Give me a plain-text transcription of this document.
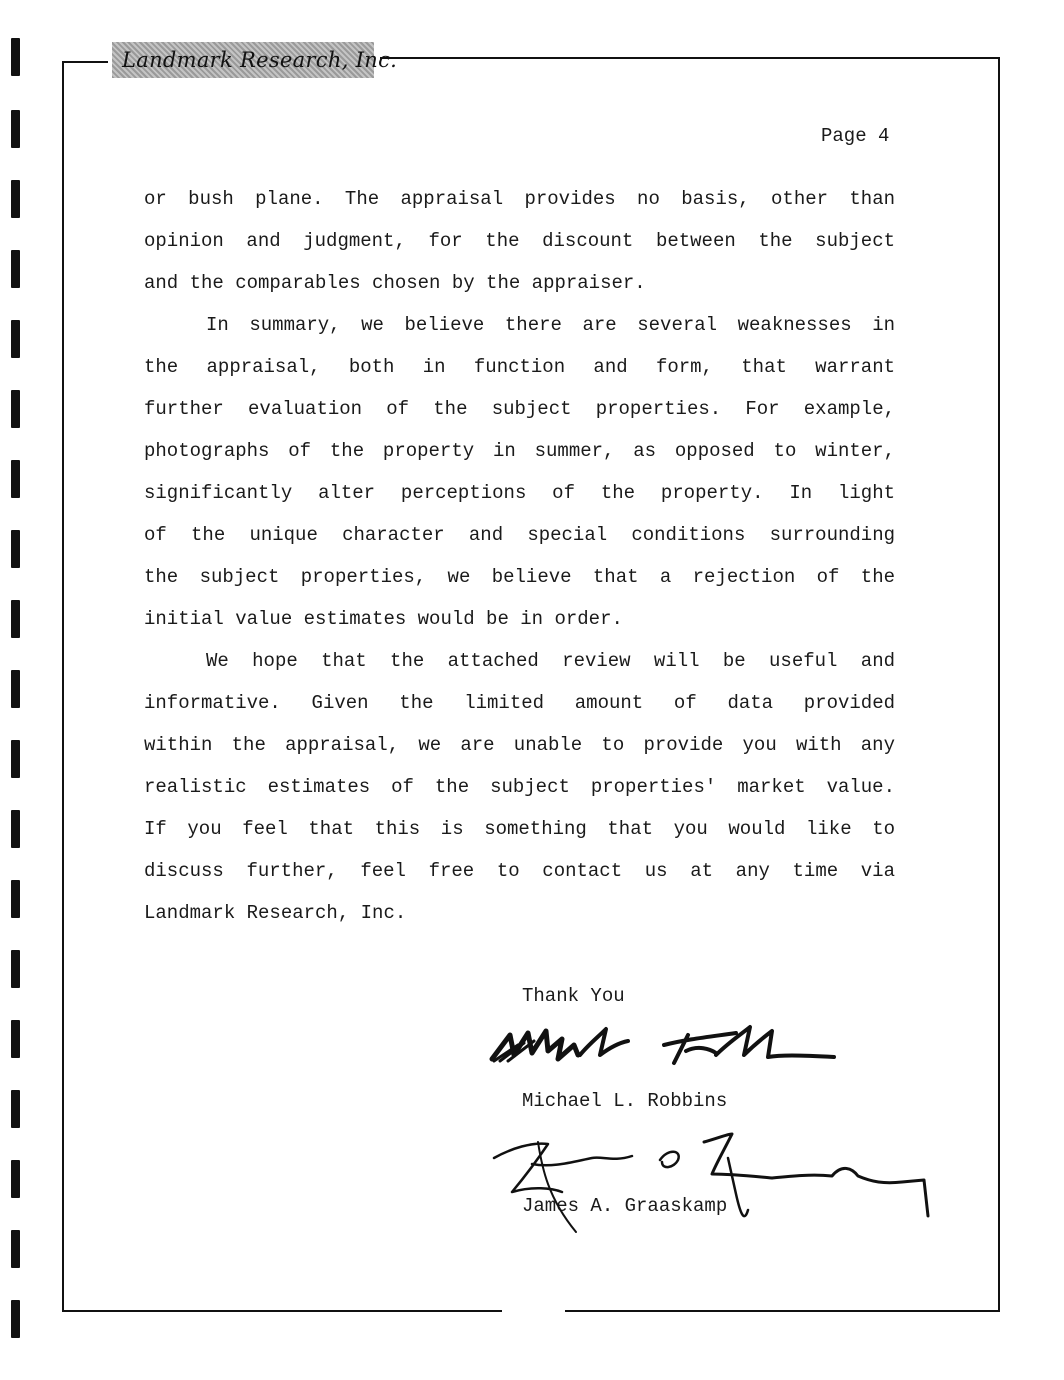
Landmark Research, Inc.
Page 4
or bush plane. The appraisal provides no basis, other than
opinion and judgment, for the discount between the subject
and the comparables chosen by the appraiser.
In summary, we believe there are several weaknesses in
the appraisal, both in function and form, that warrant
further evaluation of the subject properties. For example,
photographs of the property in summer, as opposed to winter,
significantly alter perceptions of the property. In light
of the unique character and special conditions surrounding
the subject properties, we believe that a rejection of the
initial value estimates would be in order.
We hope that the attached review will be useful and
informative. Given the limited amount of data provided
within the appraisal, we are unable to provide you with any
realistic estimates of the subject properties' market value.
If you feel that this is something that you would like to
discuss further, feel free to contact us at any time via
Landmark Research, Inc.
Thank You
Michael L. Robbins
James A. Graaskamp
